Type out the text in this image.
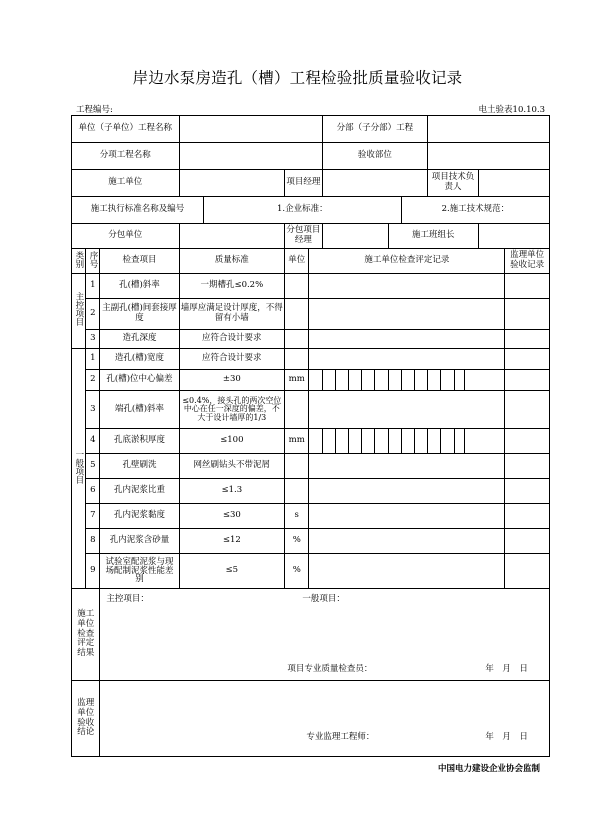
岸边水泵房造孔（槽）工程检验批质量验收记录
工程编号:	电土验表10.10.3
单位（子单位）工程名称							分部（子分部）工程													
分项工程名称							验收部位													
施工单位					项目经理										项目技术负责人					
施工执行标准名称及编号				1.企业标准：									2.施工技术规范：							
分包单位					分包项目经理							施工班组长								
类别	序号	检查项目	质量标准		单位	施工单位检查评定记录														监理单位验收记录
主控项目	1	孔(槽)斜率	一期槽孔≤0.2%																	
	2	主副孔(槽)间套接厚度	墙厚应满足设计厚度，不得留有小墙																	
	3	造孔深度	应符合设计要求																	
一般项目	1	造孔(槽)宽度	应符合设计要求																	
	2	孔(槽)位中心偏差	±30		mm															
	3	端孔(槽)斜率	≤0.4%，接头孔的两次空位中心在任一深度的偏差，不大于设计墙厚的1/3																	
	4	孔底淤积厚度	≤100		mm															
	5	孔壁刷洗	网丝刷钻头不带泥屑																	
	6	孔内泥浆比重	≤1.3																	
	7	孔内泥浆黏度	≤30		s															
	8	孔内泥浆含砂量	≤12		%															
	9	试验室配泥浆与现场配制泥浆性能差别	≤5		%															
施工单位检查评定结果		主控项目： 一般项目：
项目专业质量检查员： 年　月　日																		

监理单位验收结论		专业监理工程师： 年　月　日																		
中国电力建设企业协会监制
